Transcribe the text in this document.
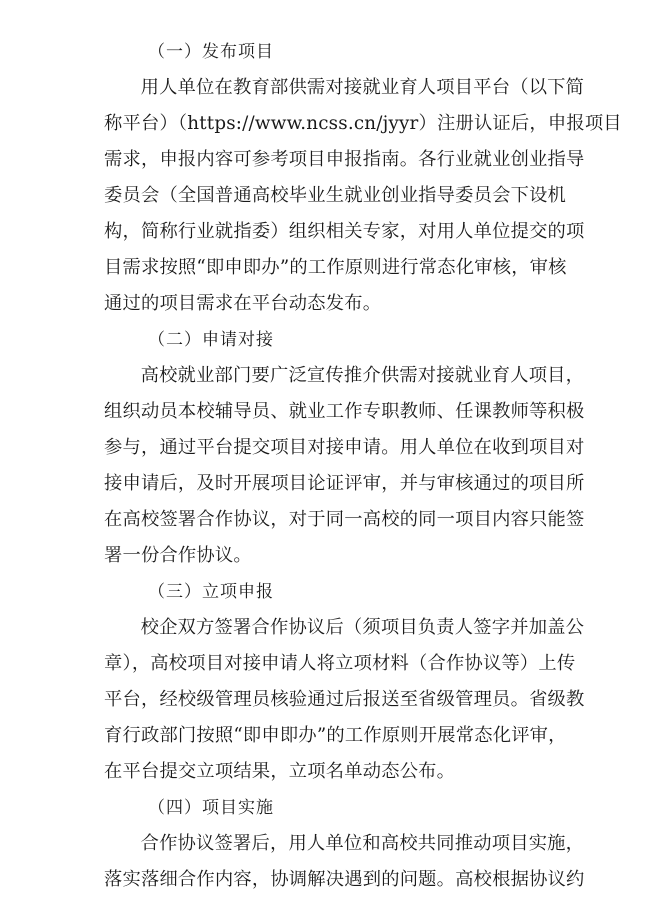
（一）发布项目
用人单位在教育部供需对接就业育人项目平台（以下简
称平台）（https://www.ncss.cn/jyyr）注册认证后，申报项目
需求，申报内容可参考项目申报指南。各行业就业创业指导
委员会（全国普通高校毕业生就业创业指导委员会下设机
构，简称行业就指委）组织相关专家，对用人单位提交的项
目需求按照“即申即办”的工作原则进行常态化审核，审核
通过的项目需求在平台动态发布。
（二）申请对接
高校就业部门要广泛宣传推介供需对接就业育人项目，
组织动员本校辅导员、就业工作专职教师、任课教师等积极
参与，通过平台提交项目对接申请。用人单位在收到项目对
接申请后，及时开展项目论证评审，并与审核通过的项目所
在高校签署合作协议，对于同一高校的同一项目内容只能签
署一份合作协议。
（三）立项申报
校企双方签署合作协议后（须项目负责人签字并加盖公
章），高校项目对接申请人将立项材料（合作协议等）上传
平台，经校级管理员核验通过后报送至省级管理员。省级教
育行政部门按照“即申即办”的工作原则开展常态化评审，
在平台提交立项结果，立项名单动态公布。
（四）项目实施
合作协议签署后，用人单位和高校共同推动项目实施，
落实落细合作内容，协调解决遇到的问题。高校根据协议约
